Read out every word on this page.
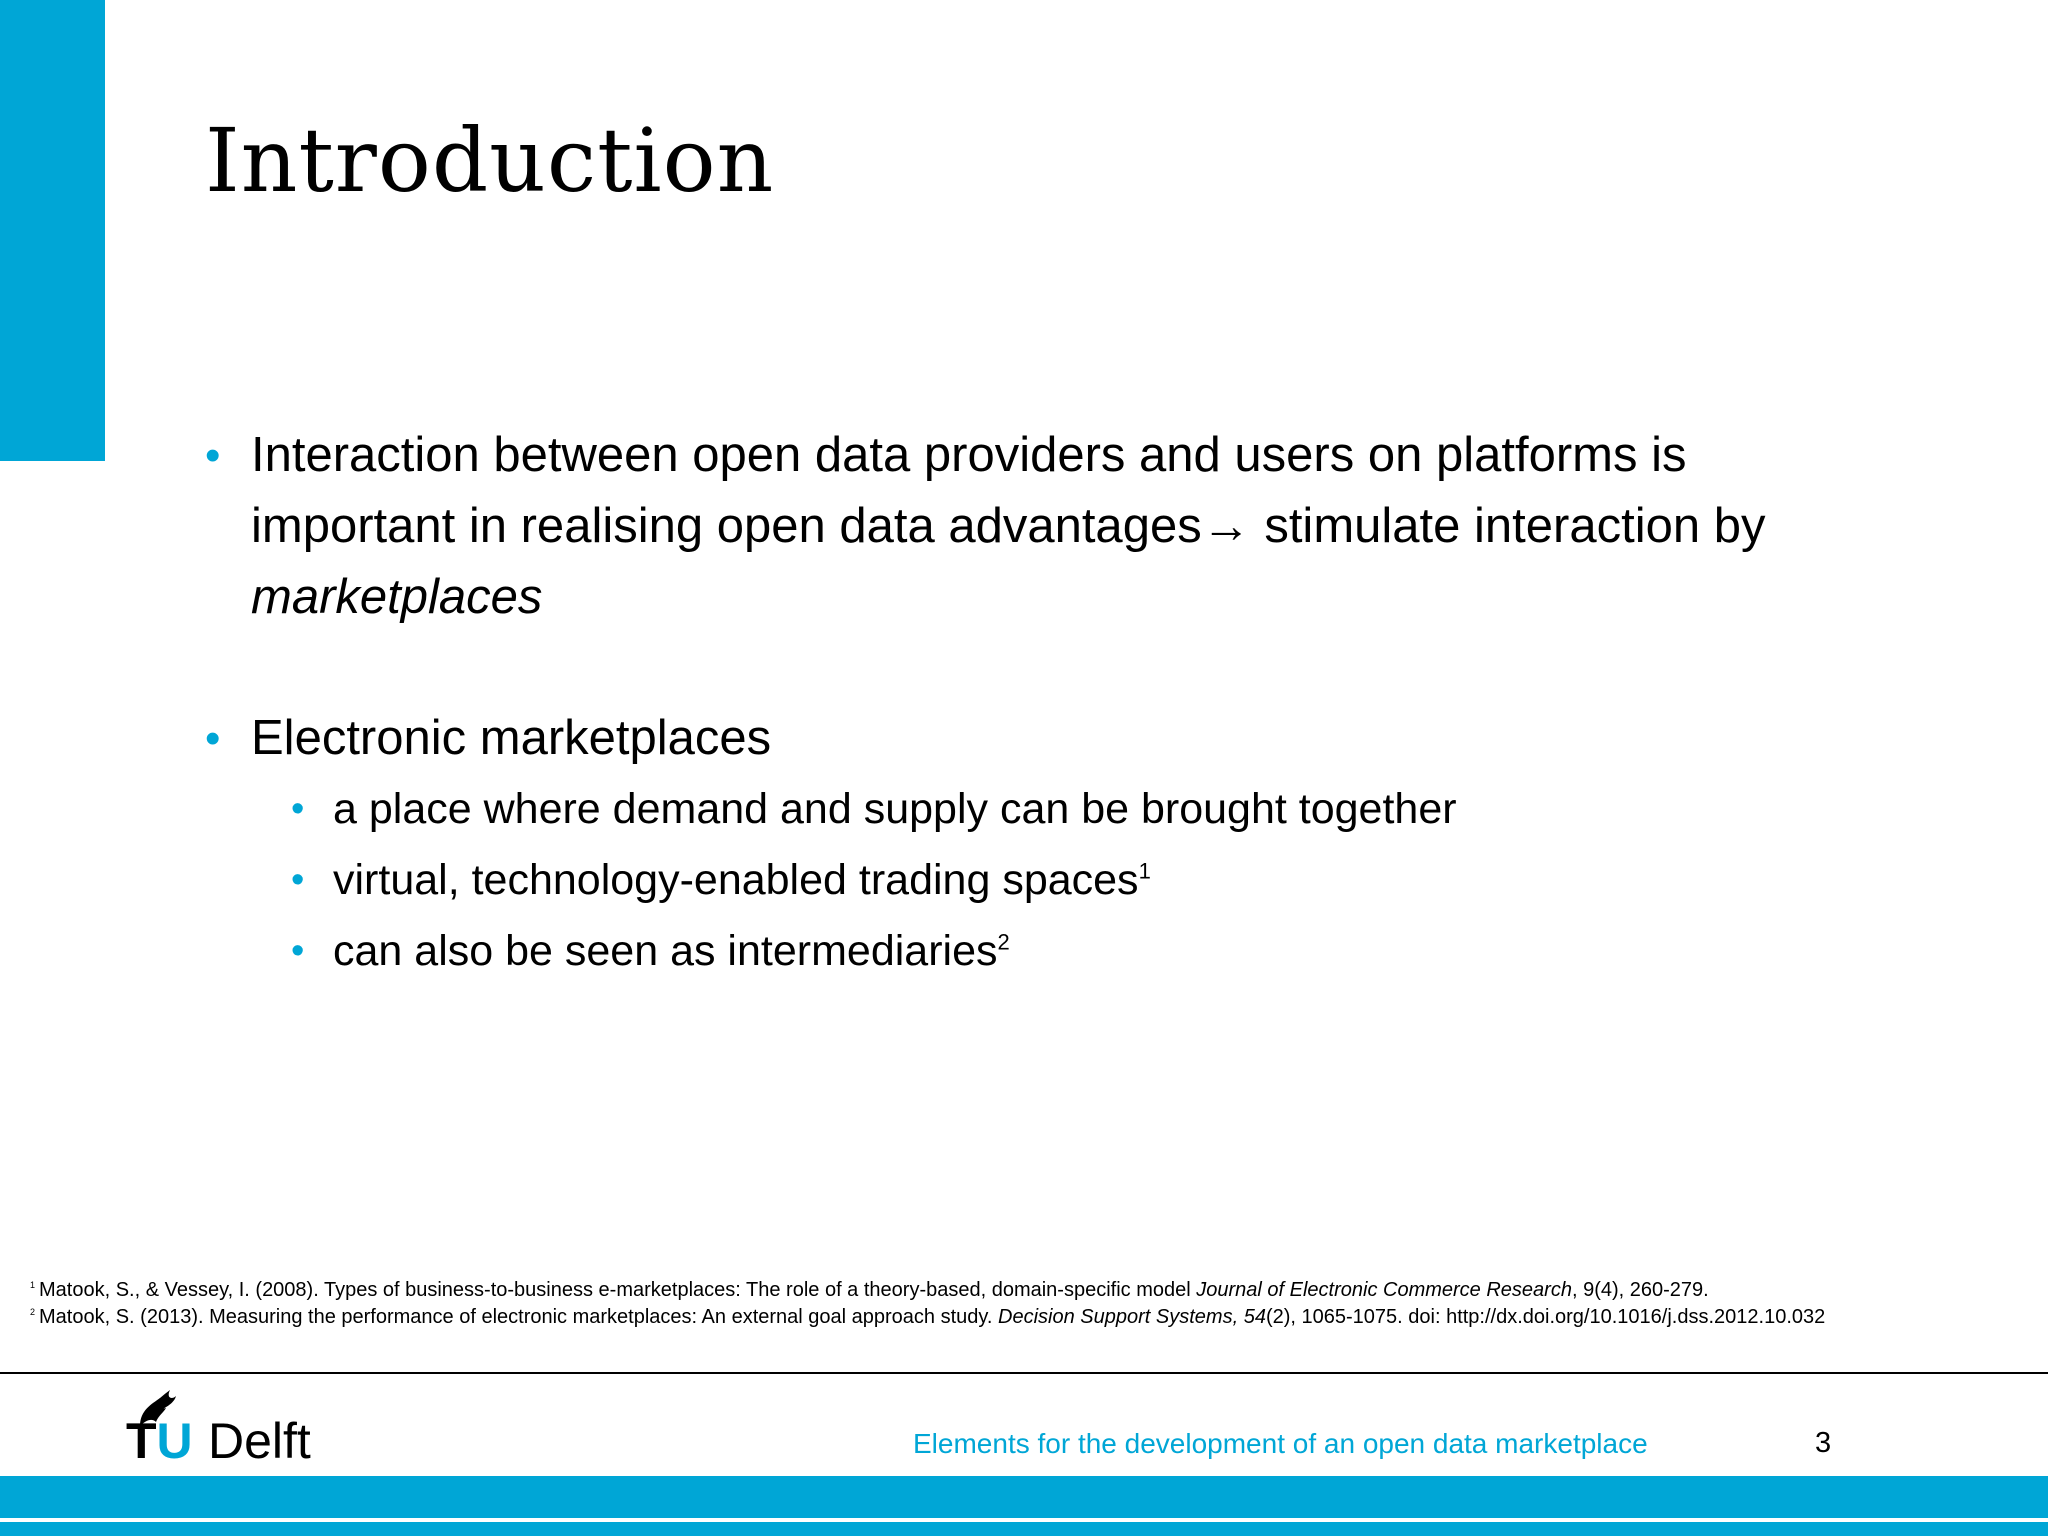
Introduction
• Interaction between open data providers and users on platforms is important in realising open data advantages→ stimulate interaction by marketplaces
• Electronic marketplaces
• a place where demand and supply can be brought together
• virtual, technology-enabled trading spaces$^1$
• can also be seen as intermediaries$^2$
$^1$ Matook, S., & Vessey, I. (2008). Types of business-to-business e-marketplaces: The role of a theory-based, domain-specific model Journal of Electronic Commerce Research, 9(4), 260-279.
$^2$ Matook, S. (2013). Measuring the performance of electronic marketplaces: An external goal approach study. Decision Support Systems, 54(2), 1065-1075. doi: http://dx.doi.org/10.1016/j.dss.2012.10.032
TU Delft	Elements for the development of an open data marketplace	3
